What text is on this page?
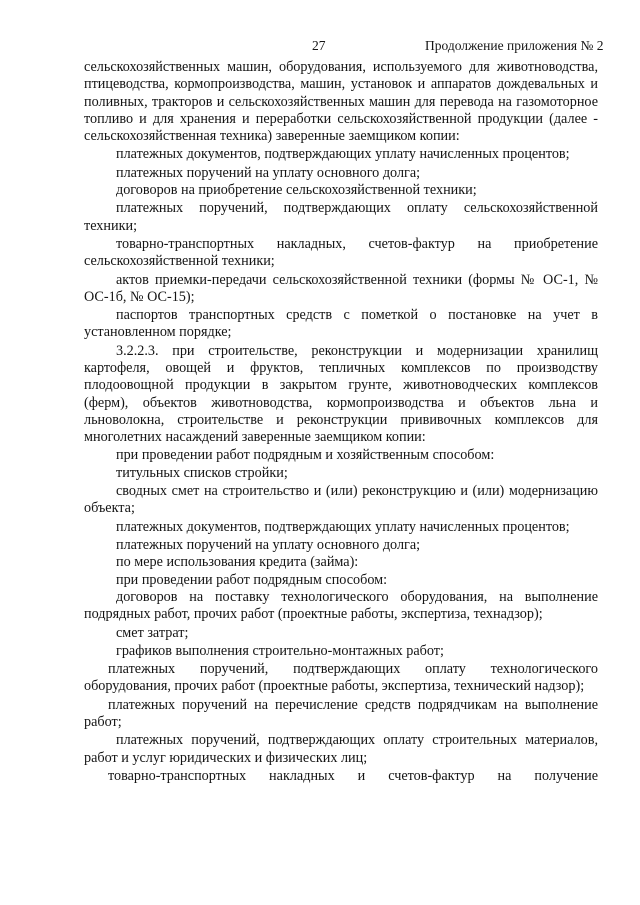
27	Продолжение приложения № 2

сельскохозяйственных машин, оборудования, используемого для животноводства, птицеводства, кормопроизводства, машин, установок и аппаратов дождевальных и поливных, тракторов и сельскохозяйственных машин для перевода на газомоторное топливо и для хранения и переработки сельскохозяйственной продукции (далее - сельскохозяйственная техника) заверенные заемщиком копии:

платежных документов, подтверждающих уплату начисленных процентов;

платежных поручений на уплату основного долга;

договоров на приобретение сельскохозяйственной техники;

платежных поручений, подтверждающих оплату сельскохозяйственной техники;

товарно-транспортных накладных, счетов-фактур на приобретение сельскохозяйственной техники;

актов приемки-передачи сельскохозяйственной техники (формы № ОС-1, № ОС-1б, № ОС-15);

паспортов транспортных средств с пометкой о постановке на учет в установленном порядке;

3.2.2.3. при строительстве, реконструкции и модернизации хранилищ картофеля, овощей и фруктов, тепличных комплексов по производству плодоовощной продукции в закрытом грунте, животноводческих комплексов (ферм), объектов животноводства, кормопроизводства и объектов льна и льноволокна, строительстве и реконструкции прививочных комплексов для многолетних насаждений заверенные заемщиком копии:

при проведении работ подрядным и хозяйственным способом:

титульных списков стройки;

сводных смет на строительство и (или) реконструкцию и (или) модернизацию объекта;

платежных документов, подтверждающих уплату начисленных процентов;

платежных поручений на уплату основного долга;

по мере использования кредита (займа):

при проведении работ подрядным способом:

договоров на поставку технологического оборудования, на выполнение подрядных работ, прочих работ (проектные работы, экспертиза, технадзор);

смет затрат;

графиков выполнения строительно-монтажных работ;

платежных поручений, подтверждающих оплату технологического оборудования, прочих работ (проектные работы, экспертиза, технический надзор);

платежных поручений на перечисление средств подрядчикам на выполнение работ;

платежных поручений, подтверждающих оплату строительных материалов, работ и услуг юридических и физических лиц;

товарно-транспортных накладных и счетов-фактур на получение
